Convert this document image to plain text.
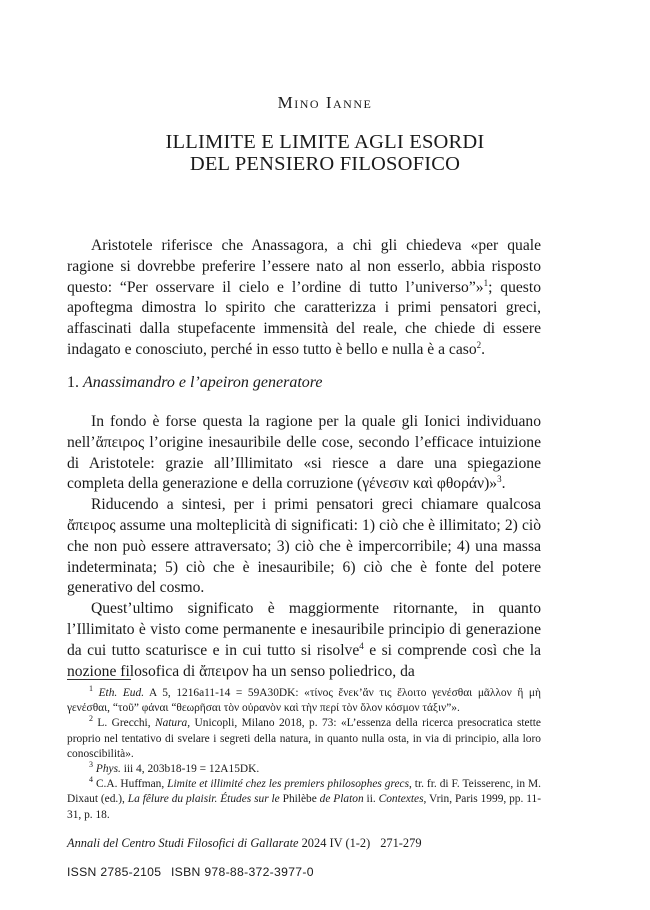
Mino Ianne
ILLIMITE E LIMITE AGLI ESORDI
DEL PENSIERO FILOSOFICO

Aristotele riferisce che Anassagora, a chi gli chiedeva «per quale ragione si dovrebbe preferire l’essere nato al non esserlo, abbia risposto questo: “Per osservare il cielo e l’ordine di tutto l’universo”»$^1$; questo apoftegma dimostra lo spirito che caratterizza i primi pensatori greci, affascinati dalla stupefacente immensità del reale, che chiede di essere indagato e conosciuto, perché in esso tutto è bello e nulla è a caso$^2$.

1. Anassimandro e l’apeiron generatore

In fondo è forse questa la ragione per la quale gli Ionici individuano nell’ἄπειρος l’origine inesauribile delle cose, secondo l’efficace intuizione di Aristotele: grazie all’Illimitato «si riesce a dare una spiegazione completa della generazione e della corruzione (γένεσιν καὶ φθοράν)»$^3$.

Riducendo a sintesi, per i primi pensatori greci chiamare qualcosa ἄπειρος assume una molteplicità di significati: 1) ciò che è illimitato; 2) ciò che non può essere attraversato; 3) ciò che è impercorribile; 4) una massa indeterminata; 5) ciò che è inesauribile; 6) ciò che è fonte del potere generativo del cosmo.

Quest’ultimo significato è maggiormente ritornante, in quanto l’Illimitato è visto come permanente e inesauribile principio di generazione da cui tutto scaturisce e in cui tutto si risolve$^4$ e si comprende così che la nozione filosofica di ἄπειρον ha un senso poliedrico, da

$^1$ Eth. Eud. A 5, 1216a11-14 = 59A30DK: «τίνος ἕνεκ’ἄν τις ἕλοιτο γενέσθαι μᾶλλον ἢ μὴ γενέσθαι, “τοῦ” φάναι “θεωρῆσαι τὸν οὐρανὸν καὶ τὴν περί τὸν ὅλον κόσμον τάξιν”».

$^2$ L. Grecchi, Natura, Unicopli, Milano 2018, p. 73: «L’essenza della ricerca presocratica stette proprio nel tentativo di svelare i segreti della natura, in quanto nulla osta, in via di principio, alla loro conoscibilità».

$^3$ Phys. iii 4, 203b18-19 = 12A15DK.

$^4$ C.A. Huffman, Limite et illimité chez les premiers philosophes grecs, tr. fr. di F. Teisserenc, in M. Dixaut (ed.), La fêlure du plaisir. Études sur le Philèbe de Platon ii. Contextes, Vrin, Paris 1999, pp. 11-31, p. 18.

Annali del Centro Studi Filosofici di Gallarate 2024 IV (1-2) 271-279
ISSN 2785-2105 ISBN 978-88-372-3977-0
